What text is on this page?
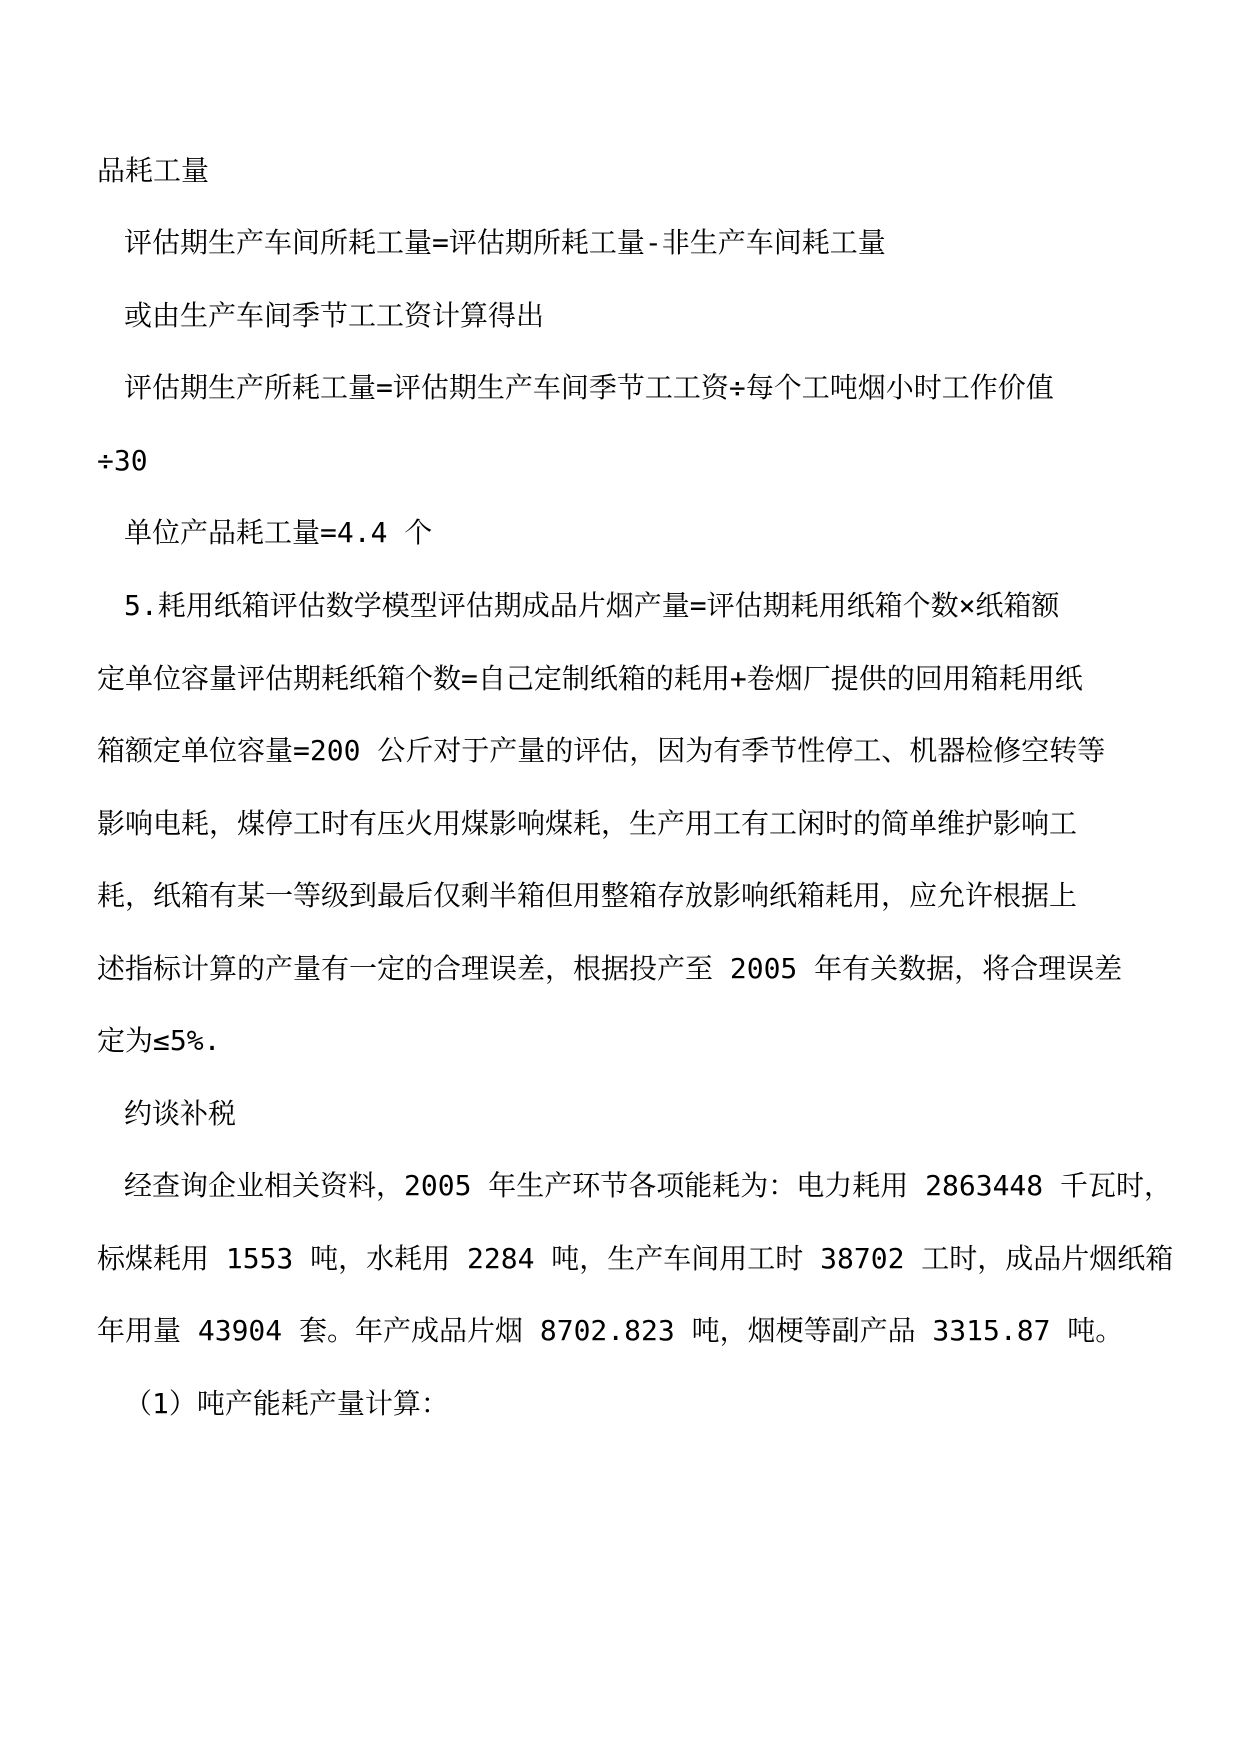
品耗工量
评估期生产车间所耗工量=评估期所耗工量-非生产车间耗工量
或由生产车间季节工工资计算得出
评估期生产所耗工量=评估期生产车间季节工工资÷每个工吨烟小时工作价值
÷30
单位产品耗工量=4.4 个
5.耗用纸箱评估数学模型评估期成品片烟产量=评估期耗用纸箱个数×纸箱额
定单位容量评估期耗纸箱个数=自己定制纸箱的耗用+卷烟厂提供的回用箱耗用纸
箱额定单位容量=200 公斤对于产量的评估，因为有季节性停工、机器检修空转等
影响电耗，煤停工时有压火用煤影响煤耗，生产用工有工闲时的简单维护影响工
耗，纸箱有某一等级到最后仅剩半箱但用整箱存放影响纸箱耗用，应允许根据上
述指标计算的产量有一定的合理误差，根据投产至 2005 年有关数据，将合理误差
定为≤5%.
约谈补税
经查询企业相关资料，2005 年生产环节各项能耗为：电力耗用 2863448 千瓦时，
标煤耗用 1553 吨，水耗用 2284 吨，生产车间用工时 38702 工时，成品片烟纸箱
年用量 43904 套。年产成品片烟 8702.823 吨，烟梗等副产品 3315.87 吨。
（1）吨产能耗产量计算：
